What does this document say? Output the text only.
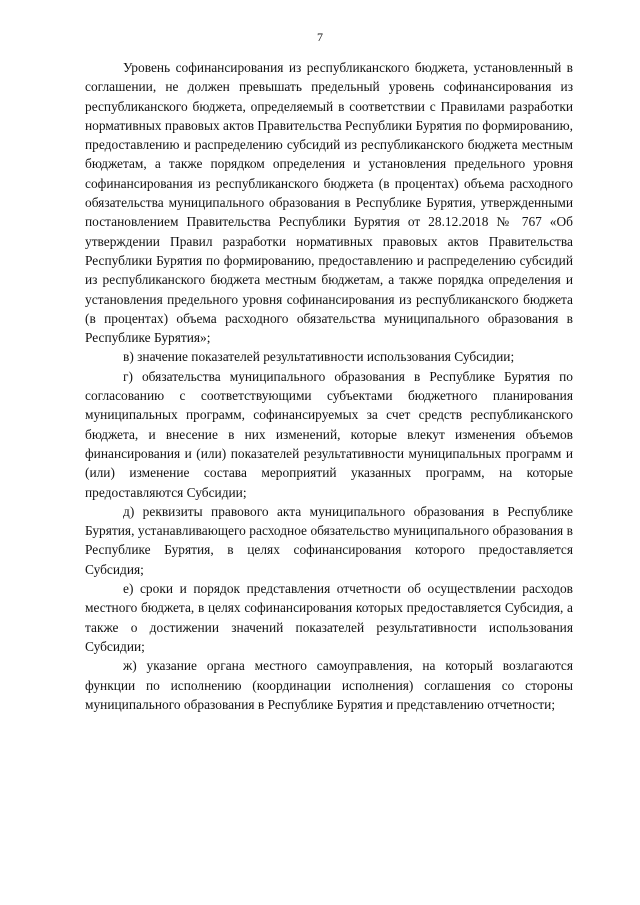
7

Уровень софинансирования из республиканского бюджета, установленный в соглашении, не должен превышать предельный уровень софинансирования из республиканского бюджета, определяемый в соответствии с Правилами разработки нормативных правовых актов Правительства Республики Бурятия по формированию, предоставлению и распределению субсидий из республиканского бюджета местным бюджетам, а также порядком определения и установления предельного уровня софинансирования из республиканского бюджета (в процентах) объема расходного обязательства муниципального образования в Республике Бурятия, утвержденными постановлением Правительства Республики Бурятия от 28.12.2018 № 767 «Об утверждении Правил разработки нормативных правовых актов Правительства Республики Бурятия по формированию, предоставлению и распределению субсидий из республиканского бюджета местным бюджетам, а также порядка определения и установления предельного уровня софинансирования из республиканского бюджета (в процентах) объема расходного обязательства муниципального образования в Республике Бурятия»;

в) значение показателей результативности использования Субсидии;

г) обязательства муниципального образования в Республике Бурятия по согласованию с соответствующими субъектами бюджетного планирования муниципальных программ, софинансируемых за счет средств республиканского бюджета, и внесение в них изменений, которые влекут изменения объемов финансирования и (или) показателей результативности муниципальных программ и (или) изменение состава мероприятий указанных программ, на которые предоставляются Субсидии;

д) реквизиты правового акта муниципального образования в Республике Бурятия, устанавливающего расходное обязательство муниципального образования в Республике Бурятия, в целях софинансирования которого предоставляется Субсидия;

е) сроки и порядок представления отчетности об осуществлении расходов местного бюджета, в целях софинансирования которых предоставляется Субсидия, а также о достижении значений показателей результативности использования Субсидии;

ж) указание органа местного самоуправления, на который возлагаются функции по исполнению (координации исполнения) соглашения со стороны муниципального образования в Республике Бурятия и представлению отчетности;
